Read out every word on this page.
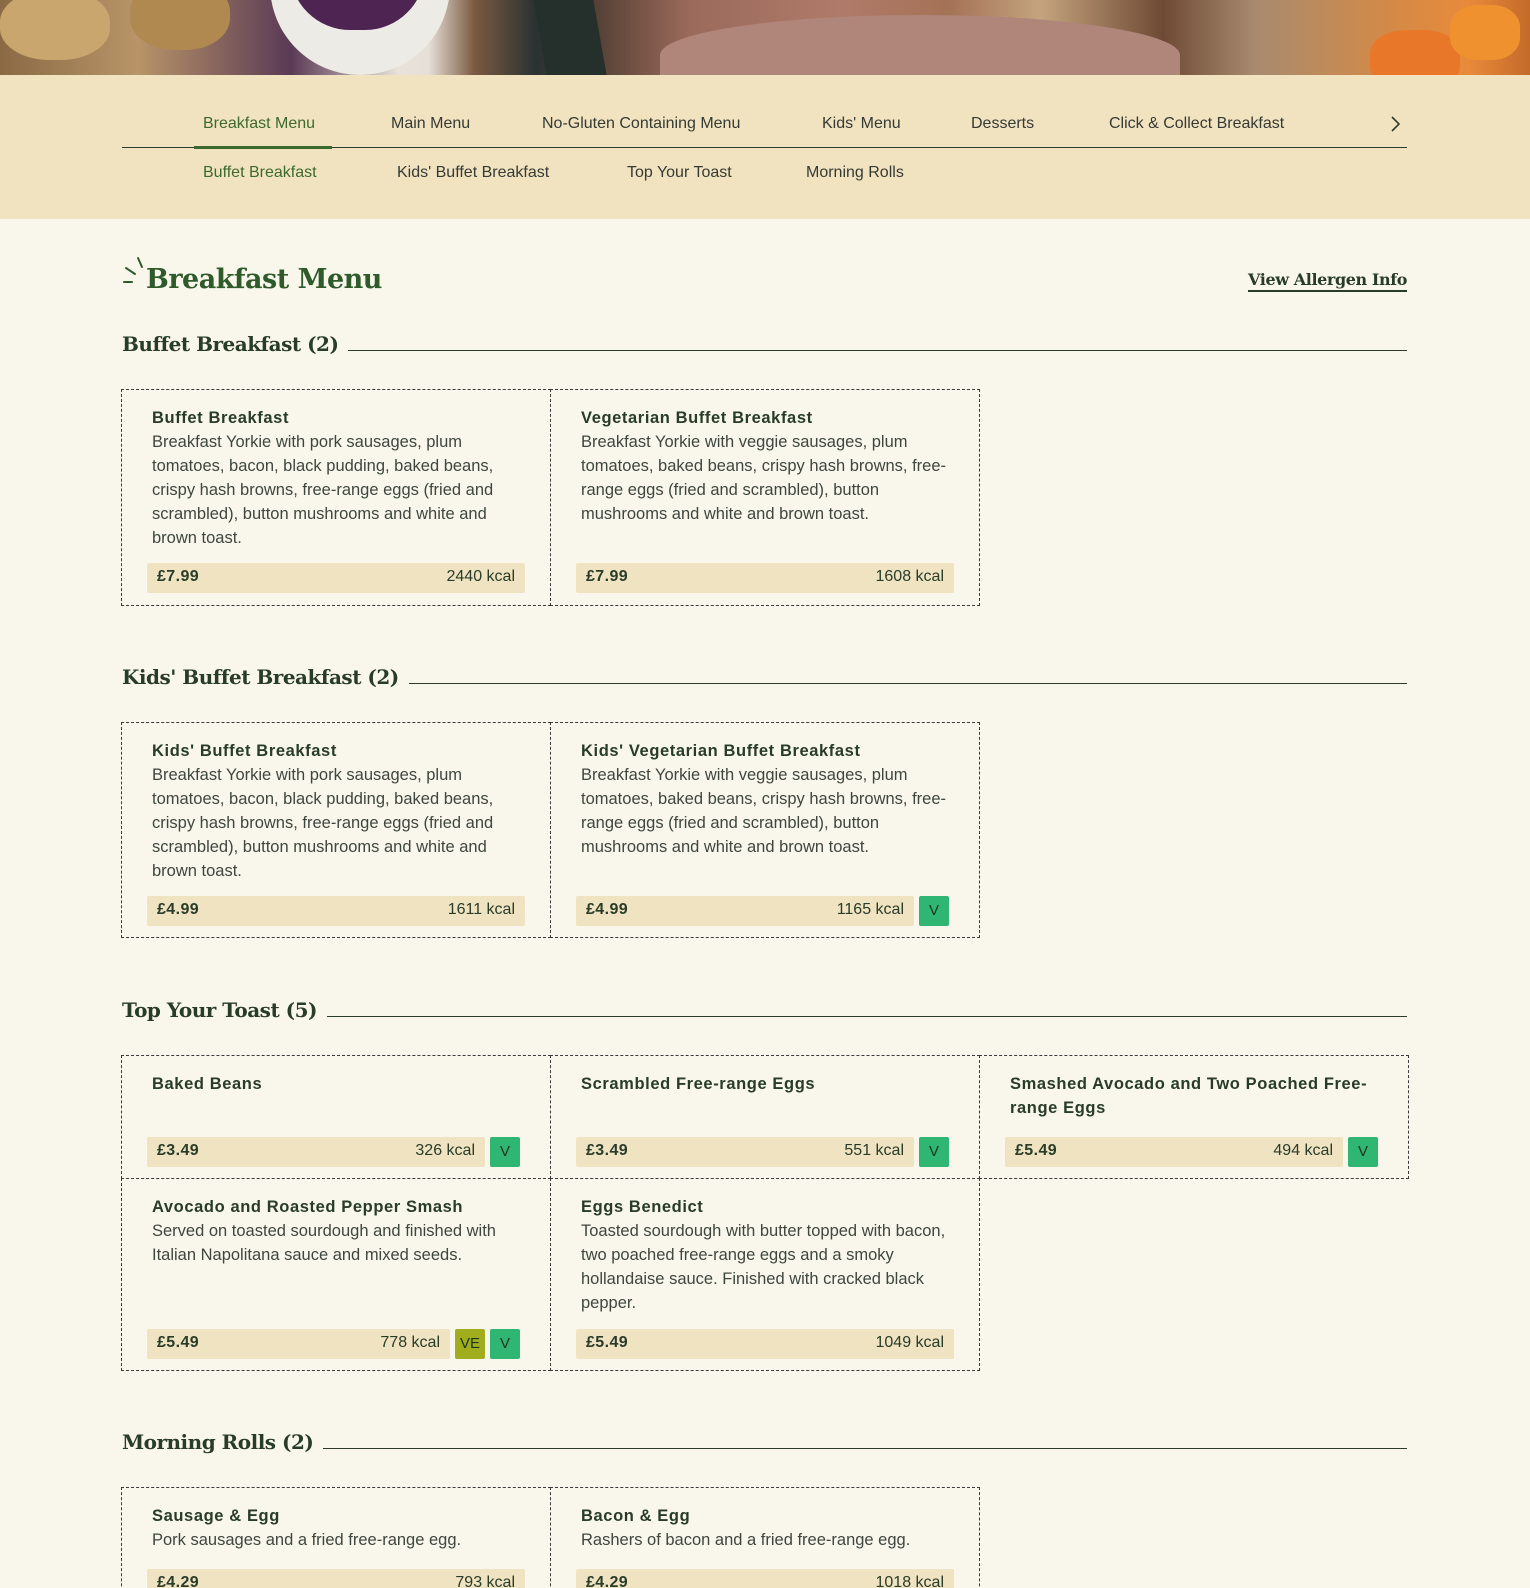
Breakfast Menu	Main Menu	No-Gluten Containing Menu	Kids' Menu	Desserts	Click & Collect Breakfast
Buffet Breakfast	Kids' Buffet Breakfast	Top Your Toast	Morning Rolls
Breakfast Menu	View Allergen Info
Buffet Breakfast (2)
Buffet Breakfast
Breakfast Yorkie with pork sausages, plum tomatoes, bacon, black pudding, baked beans, crispy hash browns, free-range eggs (fried and scrambled), button mushrooms and white and brown toast.
£7.99	2440 kcal
Vegetarian Buffet Breakfast
Breakfast Yorkie with veggie sausages, plum tomatoes, baked beans, crispy hash browns, free-range eggs (fried and scrambled), button mushrooms and white and brown toast.
£7.99	1608 kcal
Kids' Buffet Breakfast (2)
Kids' Buffet Breakfast
Breakfast Yorkie with pork sausages, plum tomatoes, bacon, black pudding, baked beans, crispy hash browns, free-range eggs (fried and scrambled), button mushrooms and white and brown toast.
£4.99	1611 kcal
Kids' Vegetarian Buffet Breakfast
Breakfast Yorkie with veggie sausages, plum tomatoes, baked beans, crispy hash browns, free-range eggs (fried and scrambled), button mushrooms and white and brown toast.
£4.99	1165 kcal	V
Top Your Toast (5)
Baked Beans
£3.49	326 kcal	V
Scrambled Free-range Eggs
£3.49	551 kcal	V
Smashed Avocado and Two Poached Free-range Eggs
£5.49	494 kcal	V
Avocado and Roasted Pepper Smash
Served on toasted sourdough and finished with Italian Napolitana sauce and mixed seeds.
£5.49	778 kcal	VE	V
Eggs Benedict
Toasted sourdough with butter topped with bacon, two poached free-range eggs and a smoky hollandaise sauce. Finished with cracked black pepper.
£5.49	1049 kcal
Morning Rolls (2)
Sausage & Egg
Pork sausages and a fried free-range egg.
£4.29	793 kcal
Bacon & Egg
Rashers of bacon and a fried free-range egg.
£4.29	1018 kcal
